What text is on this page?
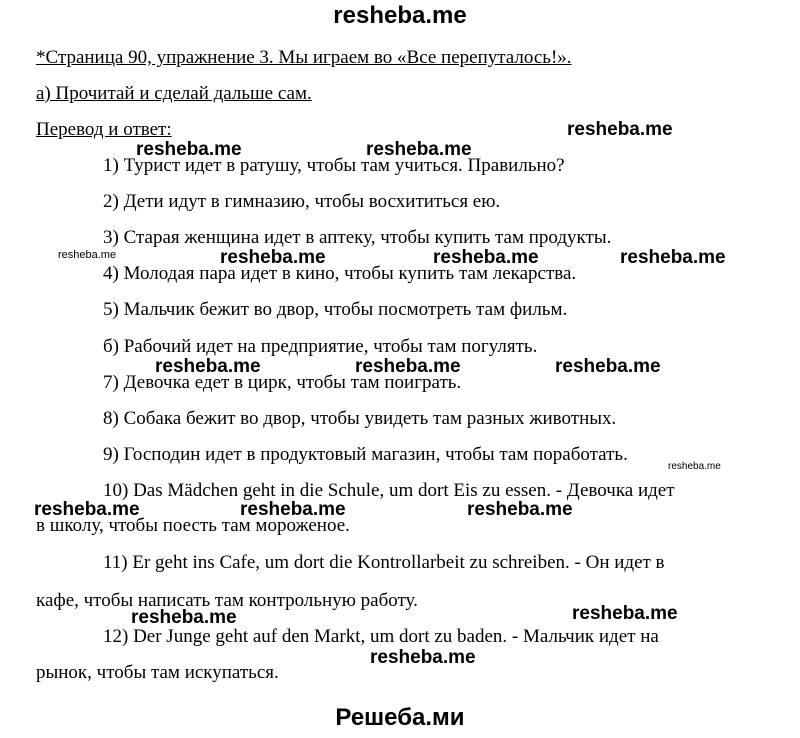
resheba.me
*Страница 90, упражнение 3. Мы играем во «Все перепуталось!».
а) Прочитай и сделай дальше сам.
Перевод и ответ:
1) Турист идет в ратушу, чтобы там учиться. Правильно?
2) Дети идут в гимназию, чтобы восхититься ею.
3) Старая женщина идет в аптеку, чтобы купить там продукты.
4) Молодая пара идет в кино, чтобы купить там лекарства.
5) Мальчик бежит во двор, чтобы посмотреть там фильм.
б) Рабочий идет на предприятие, чтобы там погулять.
7) Девочка едет в цирк, чтобы там поиграть.
8) Собака бежит во двор, чтобы увидеть там разных животных.
9) Господин идет в продуктовый магазин, чтобы там поработать.
10) Das Mädchen geht in die Schule, um dort Eis zu essen. - Девочка идет
в школу, чтобы поесть там мороженое.
11) Er geht ins Cafe, um dort die Kontrollarbeit zu schreiben. - Он идет в
кафе, чтобы написать там контрольную работу.
12) Der Junge geht auf den Markt, um dort zu baden. - Мальчик идет на
рынок, чтобы там искупаться.
resheba.me
resheba.me	resheba.me
resheba.me	resheba.me	resheba.me	resheba.me
resheba.me	resheba.me	resheba.me
resheba.me
resheba.me	resheba.me	resheba.me
resheba.me	resheba.me
resheba.me
Решеба.ми
